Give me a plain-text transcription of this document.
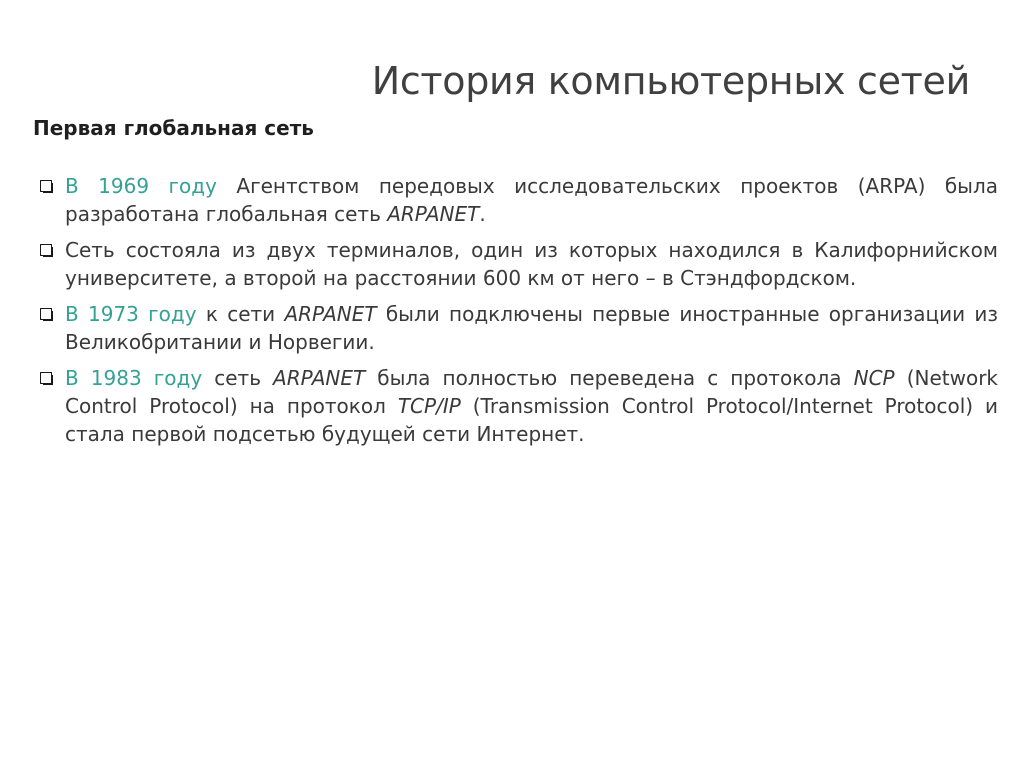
История компьютерных сетей
Первая глобальная сеть
В 1969 году Агентством передовых исследовательских проектов (ARPA) была разработана глобальная сеть ARPANET.
Сеть состояла из двух терминалов, один из которых находился в Калифорнийском университете, а второй на расстоянии 600 км от него – в Стэндфордском.
В 1973 году к сети ARPANET были подключены первые иностранные организации из Великобритании и Норвегии.
В 1983 году сеть ARPANET была полностью переведена с протокола NCP (Network Control Protocol) на протокол TCP/IP (Transmission Control Protocol/Internet Protocol) и стала первой подсетью будущей сети Интернет.
